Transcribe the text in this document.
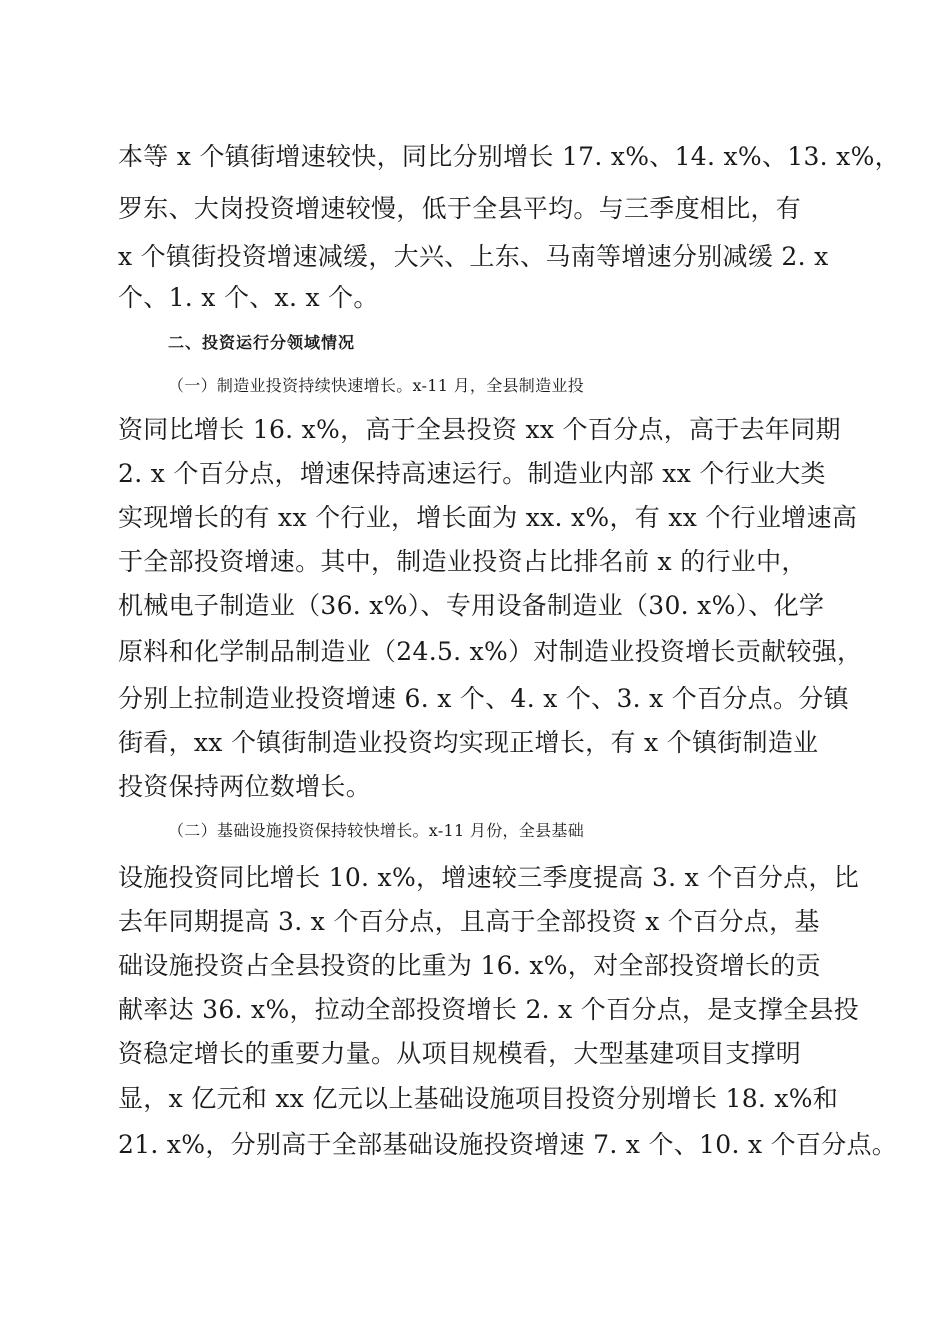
本等 x 个镇街增速较快，同比分别增长 17. x%、14. x%、13. x%，
罗东、大岗投资增速较慢，低于全县平均。与三季度相比，有
x 个镇街投资增速减缓，大兴、上东、马南等增速分别减缓 2. x
个、1. x 个、x. x 个。
二、投资运行分领域情况
（一）制造业投资持续快速增长。x-11 月，全县制造业投
资同比增长 16. x%，高于全县投资 xx 个百分点，高于去年同期
2. x 个百分点，增速保持高速运行。制造业内部 xx 个行业大类
实现增长的有 xx 个行业，增长面为 xx. x%，有 xx 个行业增速高
于全部投资增速。其中，制造业投资占比排名前 x 的行业中，
机械电子制造业（36. x%）、专用设备制造业（30. x%）、化学
原料和化学制品制造业（24.5. x%）对制造业投资增长贡献较强，
分别上拉制造业投资增速 6. x 个、4. x 个、3. x 个百分点。分镇
街看，xx 个镇街制造业投资均实现正增长，有 x 个镇街制造业
投资保持两位数增长。
（二）基础设施投资保持较快增长。x-11 月份，全县基础
设施投资同比增长 10. x%，增速较三季度提高 3. x 个百分点，比
去年同期提高 3. x 个百分点，且高于全部投资 x 个百分点，基
础设施投资占全县投资的比重为 16. x%，对全部投资增长的贡
献率达 36. x%，拉动全部投资增长 2. x 个百分点，是支撑全县投
资稳定增长的重要力量。从项目规模看，大型基建项目支撑明
显，x 亿元和 xx 亿元以上基础设施项目投资分别增长 18. x%和
21. x%，分别高于全部基础设施投资增速 7. x 个、10. x 个百分点。
